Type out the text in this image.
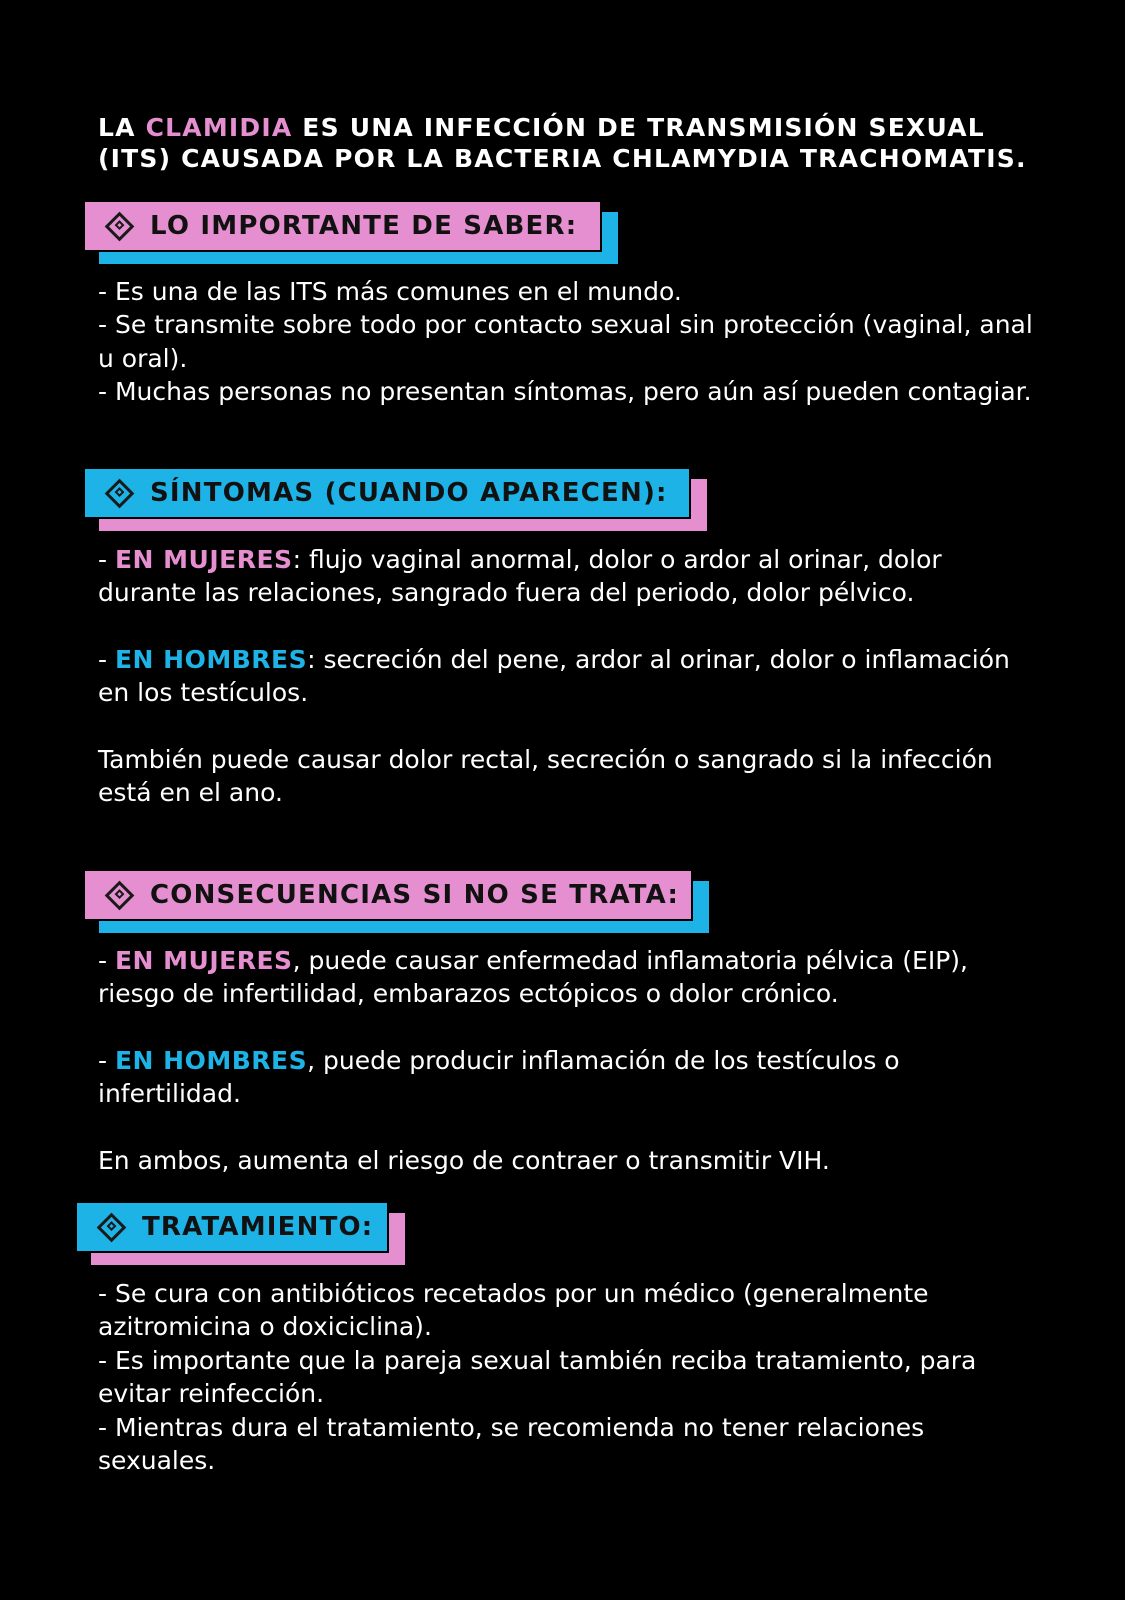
LA CLAMIDIA ES UNA INFECCIÓN DE TRANSMISIÓN SEXUAL (ITS) CAUSADA POR LA BACTERIA CHLAMYDIA TRACHOMATIS.
LO IMPORTANTE DE SABER:

- Es una de las ITS más comunes en el mundo.

- Se transmite sobre todo por contacto sexual sin protección (vaginal, anal u oral).

- Muchas personas no presentan síntomas, pero aún así pueden contagiar.

SÍNTOMAS (CUANDO APARECEN):

- EN MUJERES: flujo vaginal anormal, dolor o ardor al orinar, dolor durante las relaciones, sangrado fuera del periodo, dolor pélvico.

- EN HOMBRES: secreción del pene, ardor al orinar, dolor o inflamación en los testículos.

También puede causar dolor rectal, secreción o sangrado si la infección está en el ano.

CONSECUENCIAS SI NO SE TRATA:

- EN MUJERES, puede causar enfermedad inflamatoria pélvica (EIP), riesgo de infertilidad, embarazos ectópicos o dolor crónico.

- EN HOMBRES, puede producir inflamación de los testículos o infertilidad.

En ambos, aumenta el riesgo de contraer o transmitir VIH.

TRATAMIENTO:

- Se cura con antibióticos recetados por un médico (generalmente azitromicina o doxiciclina).

- Es importante que la pareja sexual también reciba tratamiento, para evitar reinfección.

- Mientras dura el tratamiento, se recomienda no tener relaciones sexuales.
